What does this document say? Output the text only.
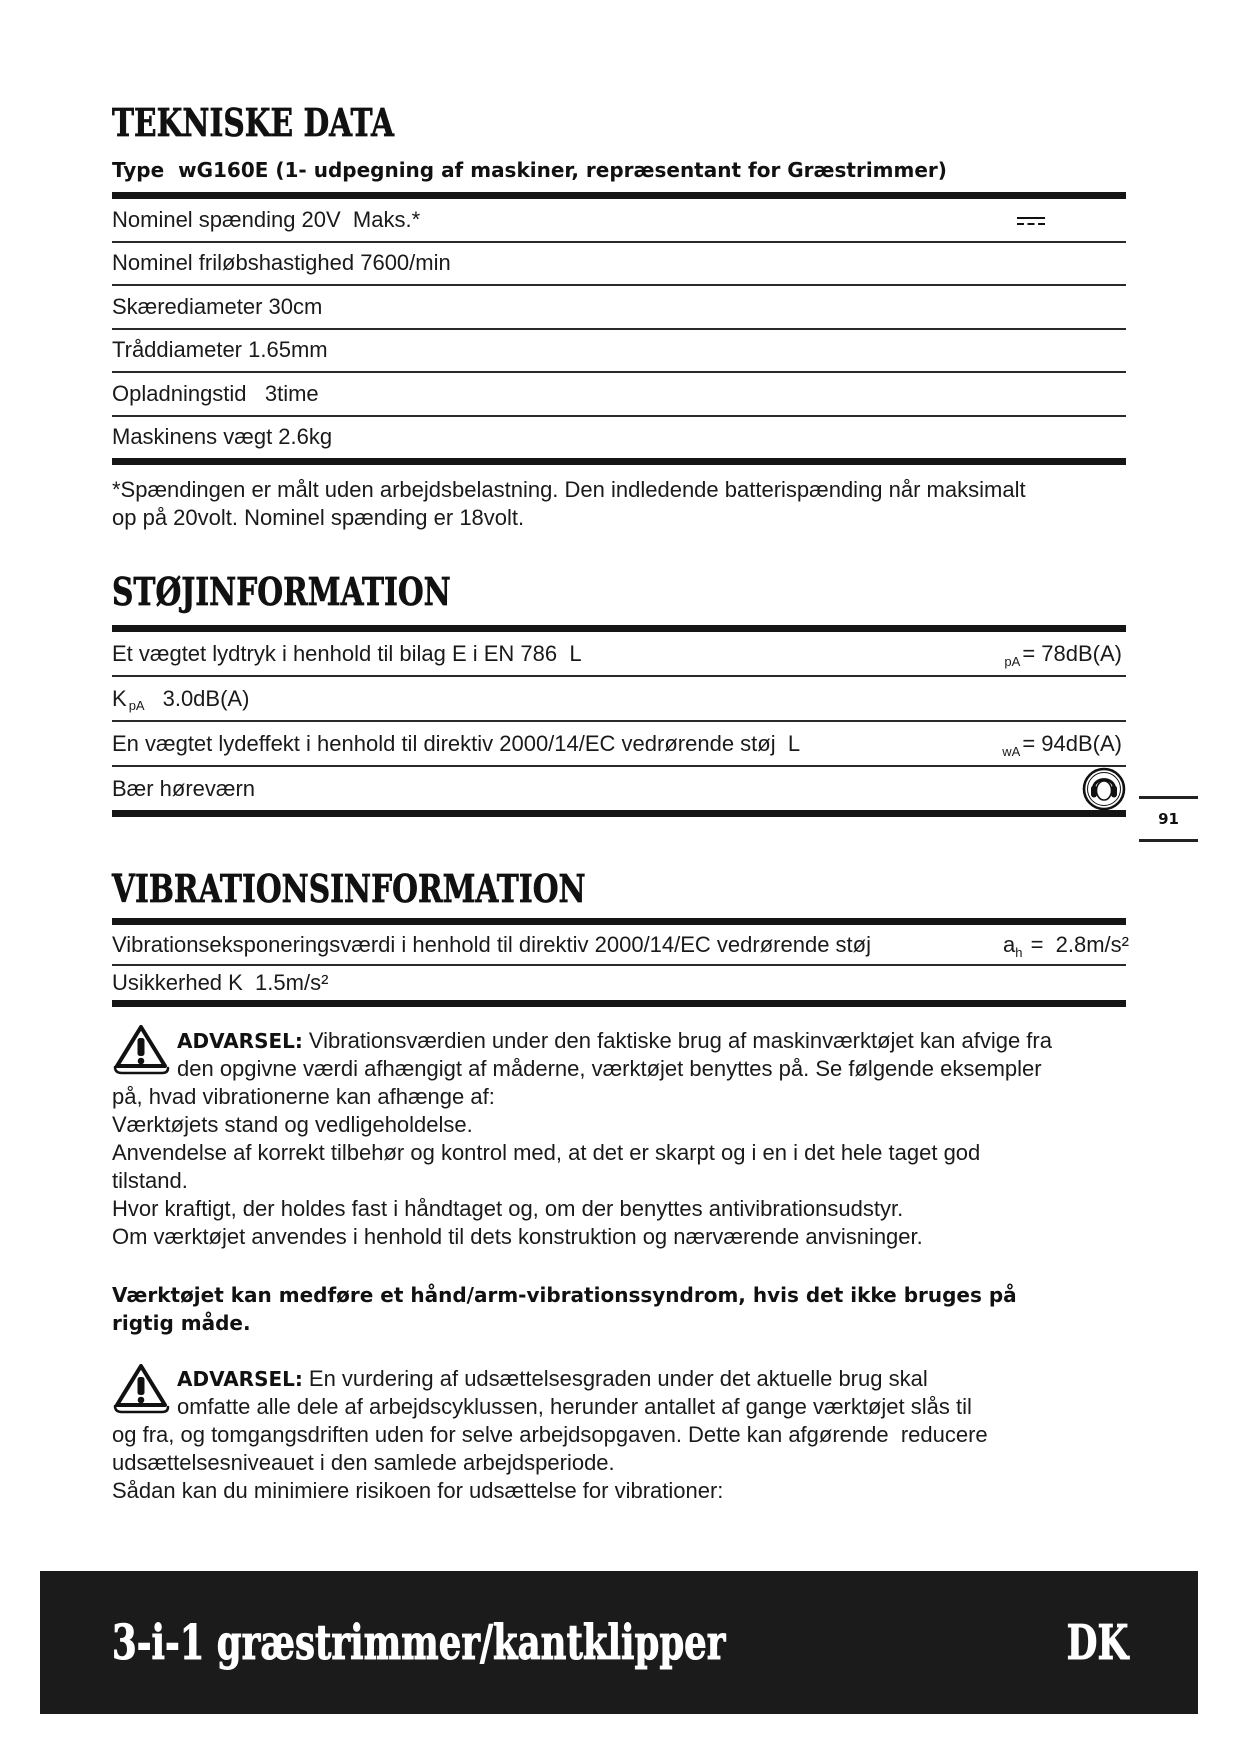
TEKNISKE DATA
Type  wG160E (1- udpegning af maskiner, repræsentant for Græstrimmer)
Nominel spænding 20V  Maks.*
Nominel friløbshastighed 7600/min
Skærediameter 30cm
Tråddiameter 1.65mm
Opladningstid   3time
Maskinens vægt 2.6kg
*Spændingen er målt uden arbejdsbelastning. Den indledende batterispænding når maksimalt
op på 20volt. Nominel spænding er 18volt.
STØJINFORMATION
Et vægtet lydtryk i henhold til bilag E i EN 786  L	pA = 78dB(A)
K pA 3.0dB(A)
En vægtet lydeffekt i henhold til direktiv 2000/14/EC vedrørende støj  L	wA = 94dB(A)
Bær høreværn
91
VIBRATIONSINFORMATION
Vibrationseksponeringsværdi i henhold til direktiv 2000/14/EC vedrørende støj	a h =  2.8m/s²
Usikkerhed K  1.5m/s²
ADVARSEL: Vibrationsværdien under den faktiske brug af maskinværktøjet kan afvige fra
den opgivne værdi afhængigt af måderne, værktøjet benyttes på. Se følgende eksempler
på, hvad vibrationerne kan afhænge af:
Værktøjets stand og vedligeholdelse.
Anvendelse af korrekt tilbehør og kontrol med, at det er skarpt og i en i det hele taget god
tilstand.
Hvor kraftigt, der holdes fast i håndtaget og, om der benyttes antivibrationsudstyr.
Om værktøjet anvendes i henhold til dets konstruktion og nærværende anvisninger.
Værktøjet kan medføre et hånd/arm-vibrationssyndrom, hvis det ikke bruges på
rigtig måde.
ADVARSEL: En vurdering af udsættelsesgraden under det aktuelle brug skal
omfatte alle dele af arbejdscyklussen, herunder antallet af gange værktøjet slås til
og fra, og tomgangsdriften uden for selve arbejdsopgaven. Dette kan afgørende  reducere
udsættelsesniveauet i den samlede arbejdsperiode.
Sådan kan du minimiere risikoen for udsættelse for vibrationer:
3-i-1 græstrimmer/kantklipper	DK
